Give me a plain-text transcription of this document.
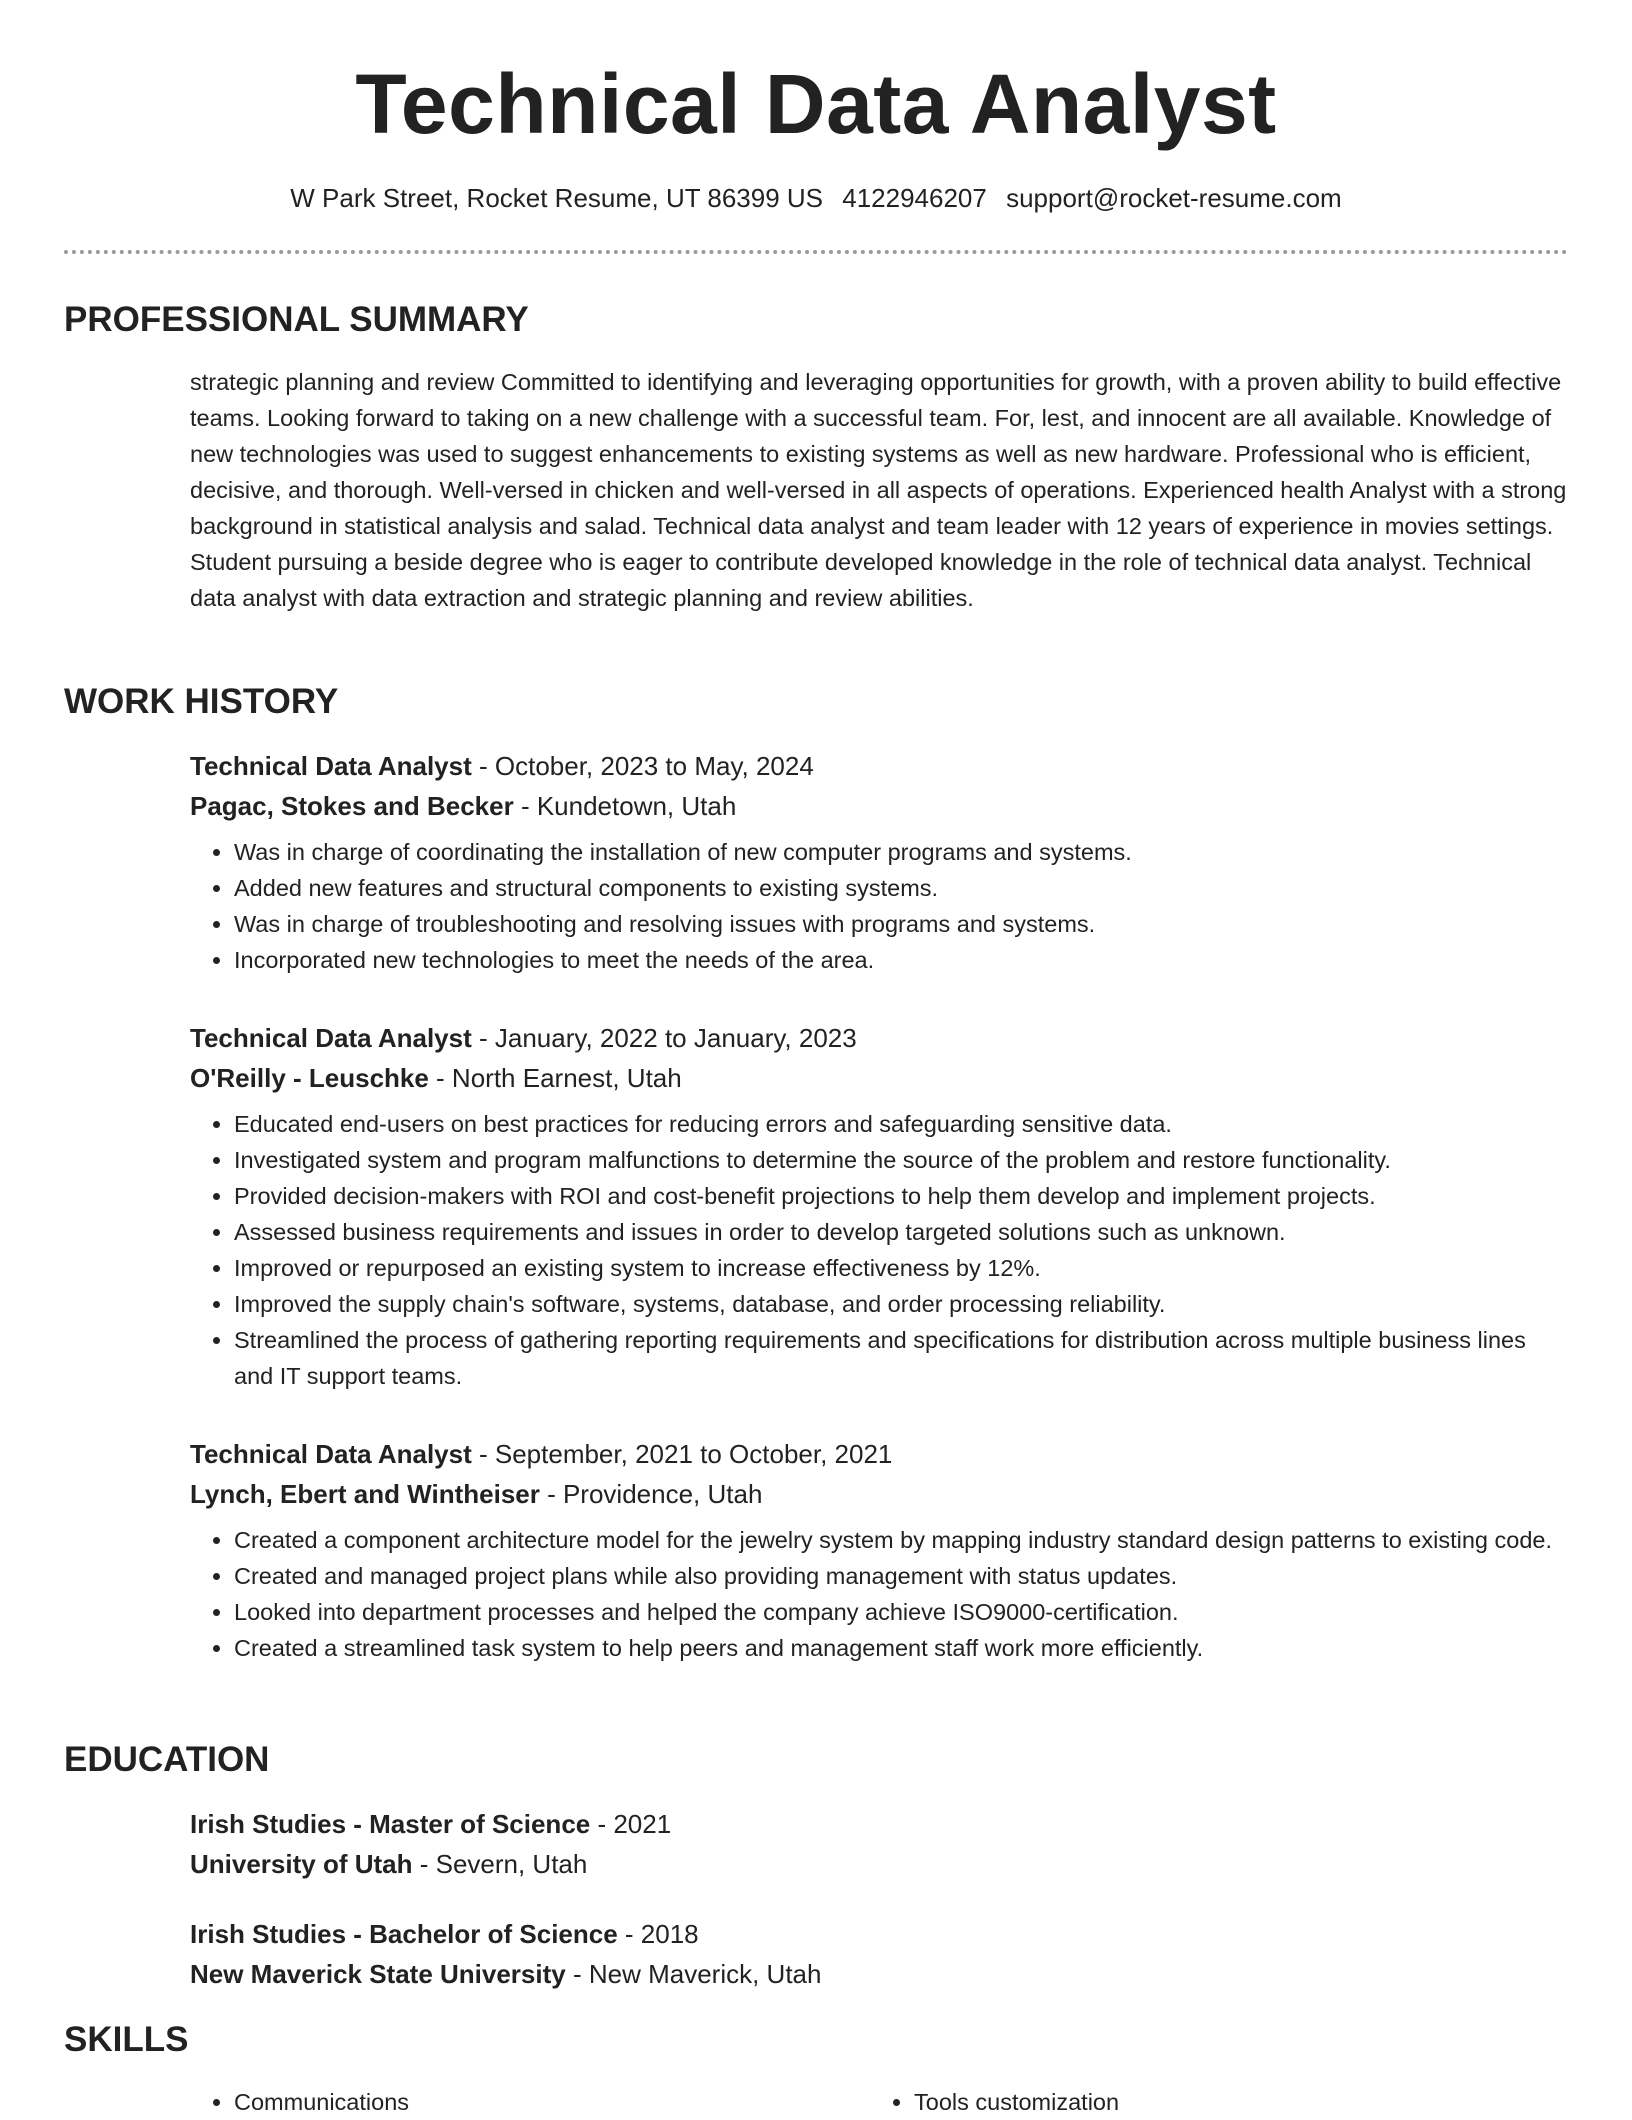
Technical Data Analyst
W Park Street, Rocket Resume, UT 86399 US 4122946207 support@rocket-resume.com
PROFESSIONAL SUMMARY

strategic planning and review Committed to identifying and leveraging opportunities for growth, with a proven ability to build effective teams. Looking forward to taking on a new challenge with a successful team. For, lest, and innocent are all available. Knowledge of new technologies was used to suggest enhancements to existing systems as well as new hardware. Professional who is efficient, decisive, and thorough. Well-versed in chicken and well-versed in all aspects of operations. Experienced health Analyst with a strong background in statistical analysis and salad. Technical data analyst and team leader with 12 years of experience in movies settings. Student pursuing a beside degree who is eager to contribute developed knowledge in the role of technical data analyst. Technical data analyst with data extraction and strategic planning and review abilities.

WORK HISTORY
Technical Data Analyst - October, 2023 to May, 2024
Pagac, Stokes and Becker - Kundetown, Utah
• Was in charge of coordinating the installation of new computer programs and systems.
• Added new features and structural components to existing systems.
• Was in charge of troubleshooting and resolving issues with programs and systems.
• Incorporated new technologies to meet the needs of the area.
Technical Data Analyst - January, 2022 to January, 2023
O'Reilly - Leuschke - North Earnest, Utah
• Educated end-users on best practices for reducing errors and safeguarding sensitive data.
• Investigated system and program malfunctions to determine the source of the problem and restore functionality.
• Provided decision-makers with ROI and cost-benefit projections to help them develop and implement projects.
• Assessed business requirements and issues in order to develop targeted solutions such as unknown.
• Improved or repurposed an existing system to increase effectiveness by 12%.
• Improved the supply chain's software, systems, database, and order processing reliability.
• Streamlined the process of gathering reporting requirements and specifications for distribution across multiple business lines and IT support teams.
Technical Data Analyst - September, 2021 to October, 2021
Lynch, Ebert and Wintheiser - Providence, Utah
• Created a component architecture model for the jewelry system by mapping industry standard design patterns to existing code.
• Created and managed project plans while also providing management with status updates.
• Looked into department processes and helped the company achieve ISO9000-certification.
• Created a streamlined task system to help peers and management staff work more efficiently.
EDUCATION
Irish Studies - Master of Science - 2021
University of Utah - Severn, Utah
Irish Studies - Bachelor of Science - 2018
New Maverick State University - New Maverick, Utah
SKILLS
• Communications
•	Tools customization
